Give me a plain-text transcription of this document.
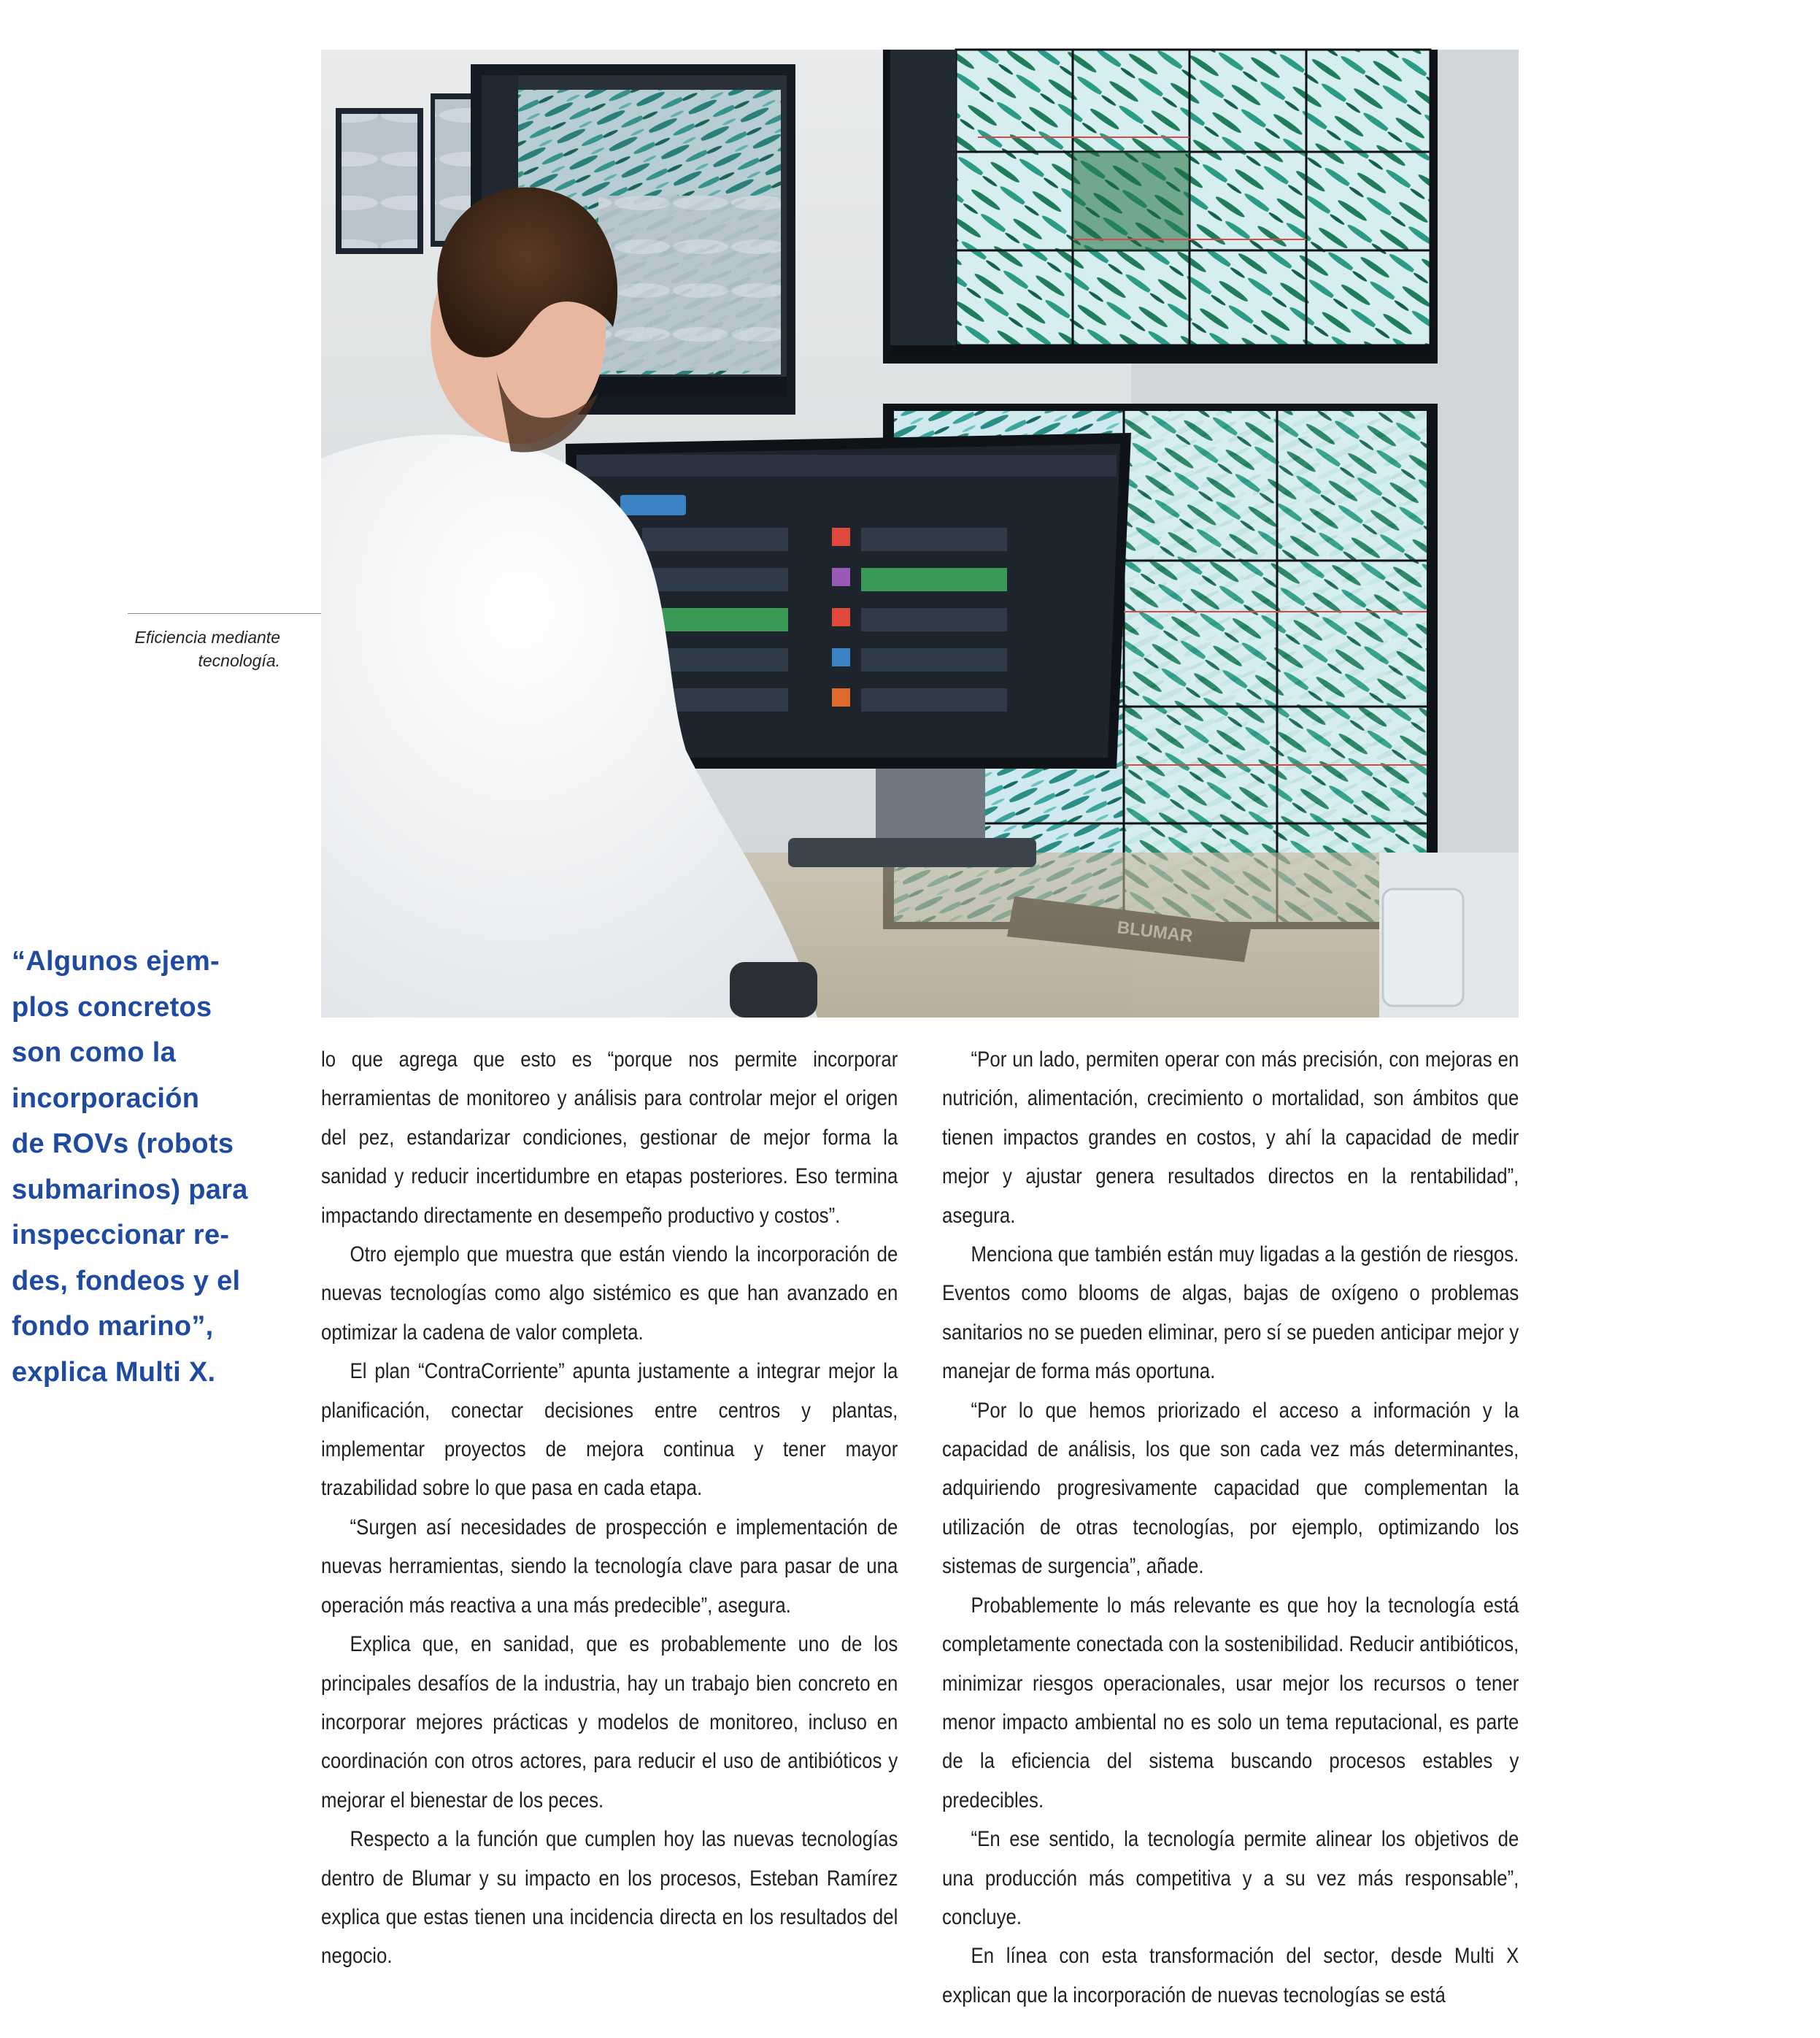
Fotografía: Blumar.
Eficiencia mediante tecnología.
“Algunos ejem-
plos concretos
son como la
incorporación
de ROVs (robots
submarinos) para
inspeccionar re-
des, fondeos y el
fondo marino”,
explica Multi X.

lo que agrega que esto es “porque nos permite incorporar herramientas de monitoreo y análisis para controlar mejor el origen del pez, estandarizar condiciones, gestionar de mejor forma la sanidad y reducir incertidumbre en etapas posteriores. Eso termina impactando directamente en desempeño productivo y costos”.

Otro ejemplo que muestra que están viendo la incorporación de nuevas tecnologías como algo sistémico es que han avanzado en optimizar la cadena de valor completa.

El plan “ContraCorriente” apunta justamente a integrar mejor la planificación, conectar decisiones entre centros y plantas, implementar proyectos de mejora continua y tener mayor trazabilidad sobre lo que pasa en cada etapa.

“Surgen así necesidades de prospección e implementación de nuevas herramientas, siendo la tecnología clave para pasar de una operación más reactiva a una más predecible”, asegura.

Explica que, en sanidad, que es probablemente uno de los principales desafíos de la industria, hay un trabajo bien concreto en incorporar mejores prácticas y modelos de monitoreo, incluso en coordinación con otros actores, para reducir el uso de antibióticos y mejorar el bienestar de los peces.

Respecto a la función que cumplen hoy las nuevas tecnologías dentro de Blumar y su impacto en los procesos, Esteban Ramírez explica que estas tienen una incidencia directa en los resultados del negocio.

“Por un lado, permiten operar con más precisión, con mejoras en nutrición, alimentación, crecimiento o mortalidad, son ámbitos que tienen impactos grandes en costos, y ahí la capacidad de medir mejor y ajustar genera resultados directos en la rentabilidad”, asegura.

Menciona que también están muy ligadas a la gestión de riesgos. Eventos como blooms de algas, bajas de oxígeno o problemas sanitarios no se pueden eliminar, pero sí se pueden anticipar mejor y manejar de forma más oportuna.

“Por lo que hemos priorizado el acceso a información y la capacidad de análisis, los que son cada vez más determinantes, adquiriendo progresivamente capacidad que complementan la utilización de otras tecnologías, por ejemplo, optimizando los sistemas de surgencia”, añade.

Probablemente lo más relevante es que hoy la tecnología está completamente conectada con la sostenibilidad. Reducir antibióticos, minimizar riesgos operacionales, usar mejor los recursos o tener menor impacto ambiental no es solo un tema reputacional, es parte de la eficiencia del sistema buscando procesos estables y predecibles.

“En ese sentido, la tecnología permite alinear los objetivos de una producción más competitiva y a su vez más responsable”, concluye.

En línea con esta transformación del sector, desde Multi X explican que la incorporación de nuevas tecnologías se está
